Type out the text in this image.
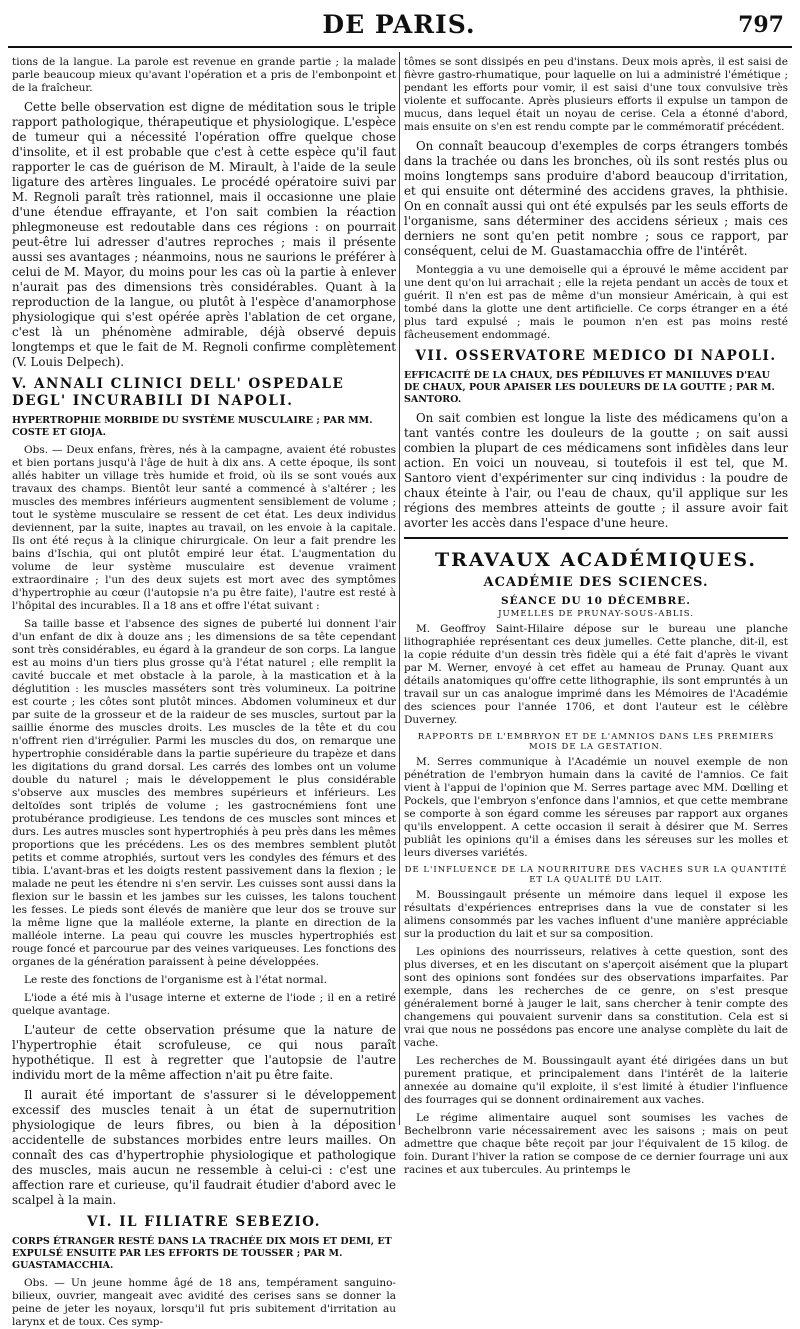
DE PARIS.	797

tions de la langue. La parole est revenue en grande partie ; la malade parle beaucoup mieux qu'avant l'opération et a pris de l'embonpoint et de la fraîcheur.

Cette belle observation est digne de méditation sous le triple rapport pathologique, thérapeutique et physiologique. L'espèce de tumeur qui a nécessité l'opération offre quelque chose d'insolite, et il est probable que c'est à cette espèce qu'il faut rapporter le cas de guérison de M. Mirault, à l'aide de la seule ligature des artères linguales. Le procédé opératoire suivi par M. Regnoli paraît très rationnel, mais il occasionne une plaie d'une étendue effrayante, et l'on sait combien la réaction phlegmoneuse est redoutable dans ces régions : on pourrait peut-être lui adresser d'autres reproches ; mais il présente aussi ses avantages ; néanmoins, nous ne saurions le préférer à celui de M. Mayor, du moins pour les cas où la partie à enlever n'aurait pas des dimensions très considérables. Quant à la reproduction de la langue, ou plutôt à l'espèce d'anamorphose physiologique qui s'est opérée après l'ablation de cet organe, c'est là un phénomène admirable, déjà observé depuis longtemps et que le fait de M. Regnoli confirme complètement (V. Louis Delpech).

V. ANNALI CLINICI DELL' OSPEDALE DEGL' INCURABILI DI NAPOLI.
HYPERTROPHIE MORBIDE DU SYSTÈME MUSCULAIRE ; PAR MM. COSTE ET GIOJA.

Obs. — Deux enfans, frères, nés à la campagne, avaient été robustes et bien portans jusqu'à l'âge de huit à dix ans. A cette époque, ils sont allés habiter un village très humide et froid, où ils se sont voués aux travaux des champs. Bientôt leur santé a commencé à s'altérer ; les muscles des membres inférieurs augmentent sensiblement de volume ; tout le système musculaire se ressent de cet état. Les deux individus deviennent, par la suite, inaptes au travail, on les envoie à la capitale. Ils ont été reçus à la clinique chirurgicale. On leur a fait prendre les bains d'Ischia, qui ont plutôt empiré leur état. L'augmentation du volume de leur système musculaire est devenue vraiment extraordinaire ; l'un des deux sujets est mort avec des symptômes d'hypertrophie au cœur (l'autopsie n'a pu être faite), l'autre est resté à l'hôpital des incurables. Il a 18 ans et offre l'état suivant :

Sa taille basse et l'absence des signes de puberté lui donnent l'air d'un enfant de dix à douze ans ; les dimensions de sa tête cependant sont très considérables, eu égard à la grandeur de son corps. La langue est au moins d'un tiers plus grosse qu'à l'état naturel ; elle remplit la cavité buccale et met obstacle à la parole, à la mastication et à la déglutition : les muscles masséters sont très volumineux. La poitrine est courte ; les côtes sont plutôt minces. Abdomen volumineux et dur par suite de la grosseur et de la raideur de ses muscles, surtout par la saillie énorme des muscles droits. Les muscles de la tête et du cou n'offrent rien d'irrégulier. Parmi les muscles du dos, on remarque une hypertrophie considérable dans la partie supérieure du trapèze et dans les digitations du grand dorsal. Les carrés des lombes ont un volume double du naturel ; mais le développement le plus considérable s'observe aux muscles des membres supérieurs et inférieurs. Les deltoïdes sont triplés de volume ; les gastrocnémiens font une protubérance prodigieuse. Les tendons de ces muscles sont minces et durs. Les autres muscles sont hypertrophiés à peu près dans les mêmes proportions que les précédens. Les os des membres semblent plutôt petits et comme atrophiés, surtout vers les condyles des fémurs et des tibia. L'avant-bras et les doigts restent passivement dans la flexion ; le malade ne peut les étendre ni s'en servir. Les cuisses sont aussi dans la flexion sur le bassin et les jambes sur les cuisses, les talons touchent les fesses. Le pieds sont élevés de manière que leur dos se trouve sur la même ligne que la malléole externe, la plante en direction de la malléole interne. La peau qui couvre les muscles hypertrophiés est rouge foncé et parcourue par des veines variqueuses. Les fonctions des organes de la génération paraissent à peine développées.

Le reste des fonctions de l'organisme est à l'état normal.

L'iode a été mis à l'usage interne et externe de l'iode ; il en a retiré quelque avantage.

L'auteur de cette observation présume que la nature de l'hypertrophie était scrofuleuse, ce qui nous paraît hypothétique. Il est à regretter que l'autopsie de l'autre individu mort de la même affection n'ait pu être faite.

Il aurait été important de s'assurer si le développement excessif des muscles tenait à un état de supernutrition physiologique de leurs fibres, ou bien à la déposition accidentelle de substances morbides entre leurs mailles. On connaît des cas d'hypertrophie physiologique et pathologique des muscles, mais aucun ne ressemble à celui-ci : c'est une affection rare et curieuse, qu'il faudrait étudier d'abord avec le scalpel à la main.

VI. IL FILIATRE SEBEZIO.
CORPS ÉTRANGER RESTÉ DANS LA TRACHÉE DIX MOIS ET DEMI, ET EXPULSÉ ENSUITE PAR LES EFFORTS DE TOUSSER ; PAR M. GUASTAMACCHIA.

Obs. — Un jeune homme âgé de 18 ans, tempérament sanguino-bilieux, ouvrier, mangeait avec avidité des cerises sans se donner la peine de jeter les noyaux, lorsqu'il fut pris subitement d'irritation au larynx et de toux. Ces symp-

tômes se sont dissipés en peu d'instans. Deux mois après, il est saisi de fièvre gastro-rhumatique, pour laquelle on lui a administré l'émétique ; pendant les efforts pour vomir, il est saisi d'une toux convulsive très violente et suffocante. Après plusieurs efforts il expulse un tampon de mucus, dans lequel était un noyau de cerise. Cela a étonné d'abord, mais ensuite on s'en est rendu compte par le commémoratif précédent.

On connaît beaucoup d'exemples de corps étrangers tombés dans la trachée ou dans les bronches, où ils sont restés plus ou moins longtemps sans produire d'abord beaucoup d'irritation, et qui ensuite ont déterminé des accidens graves, la phthisie. On en connaît aussi qui ont été expulsés par les seuls efforts de l'organisme, sans déterminer des accidens sérieux ; mais ces derniers ne sont qu'en petit nombre ; sous ce rapport, par conséquent, celui de M. Guastamacchia offre de l'intérêt.

Monteggia a vu une demoiselle qui a éprouvé le même accident par une dent qu'on lui arrachait ; elle la rejeta pendant un accès de toux et guérit. Il n'en est pas de même d'un monsieur Américain, à qui est tombé dans la glotte une dent artificielle. Ce corps étranger en a été plus tard expulsé ; mais le poumon n'en est pas moins resté fâcheusement endommagé.

VII. OSSERVATORE MEDICO DI NAPOLI.
EFFICACITÉ DE LA CHAUX, DES PÉDILUVES ET MANILUVES D'EAU DE CHAUX, POUR APAISER LES DOULEURS DE LA GOUTTE ; PAR M. SANTORO.

On sait combien est longue la liste des médicamens qu'on a tant vantés contre les douleurs de la goutte ; on sait aussi combien la plupart de ces médicamens sont infidèles dans leur action. En voici un nouveau, si toutefois il est tel, que M. Santoro vient d'expérimenter sur cinq individus : la poudre de chaux éteinte à l'air, ou l'eau de chaux, qu'il applique sur les régions des membres atteints de goutte ; il assure avoir fait avorter les accès dans l'espace d'une heure.

TRAVAUX ACADÉMIQUES.
ACADÉMIE DES SCIENCES.
SÉANCE DU 10 DÉCEMBRE.
JUMELLES DE PRUNAY-SOUS-ABLIS.

M. Geoffroy Saint-Hilaire dépose sur le bureau une planche lithographiée représentant ces deux jumelles. Cette planche, dit-il, est la copie réduite d'un dessin très fidèle qui a été fait d'après le vivant par M. Werner, envoyé à cet effet au hameau de Prunay. Quant aux détails anatomiques qu'offre cette lithographie, ils sont empruntés à un travail sur un cas analogue imprimé dans les Mémoires de l'Académie des sciences pour l'année 1706, et dont l'auteur est le célèbre Duverney.

RAPPORTS DE L'EMBRYON ET DE L'AMNIOS DANS LES PREMIERS MOIS DE LA GESTATION.

M. Serres communique à l'Académie un nouvel exemple de non pénétration de l'embryon humain dans la cavité de l'amnios. Ce fait vient à l'appui de l'opinion que M. Serres partage avec MM. Dœlling et Pockels, que l'embryon s'enfonce dans l'amnios, et que cette membrane se comporte à son égard comme les séreuses par rapport aux organes qu'ils enveloppent. A cette occasion il serait à désirer que M. Serres publiât les opinions qu'il a émises dans les séreuses sur les molles et leurs diverses variétés.

DE L'INFLUENCE DE LA NOURRITURE DES VACHES SUR LA QUANTITÉ ET LA QUALITÉ DU LAIT.

M. Boussingault présente un mémoire dans lequel il expose les résultats d'expériences entreprises dans la vue de constater si les alimens consommés par les vaches influent d'une manière appréciable sur la production du lait et sur sa composition.

Les opinions des nourrisseurs, relatives à cette question, sont des plus diverses, et en les discutant on s'aperçoit aisément que la plupart sont des opinions sont fondées sur des observations imparfaites. Par exemple, dans les recherches de ce genre, on s'est presque généralement borné à jauger le lait, sans chercher à tenir compte des changemens qui pouvaient survenir dans sa constitution. Cela est si vrai que nous ne possédons pas encore une analyse complète du lait de vache.

Les recherches de M. Boussingault ayant été dirigées dans un but purement pratique, et principalement dans l'intérêt de la laiterie annexée au domaine qu'il exploite, il s'est limité à étudier l'influence des fourrages qui se donnent ordinairement aux vaches.

Le régime alimentaire auquel sont soumises les vaches de Bechelbronn varie nécessairement avec les saisons ; mais on peut admettre que chaque bête reçoit par jour l'équivalent de 15 kilog. de foin. Durant l'hiver la ration se compose de ce dernier fourrage uni aux racines et aux tubercules. Au printemps le
